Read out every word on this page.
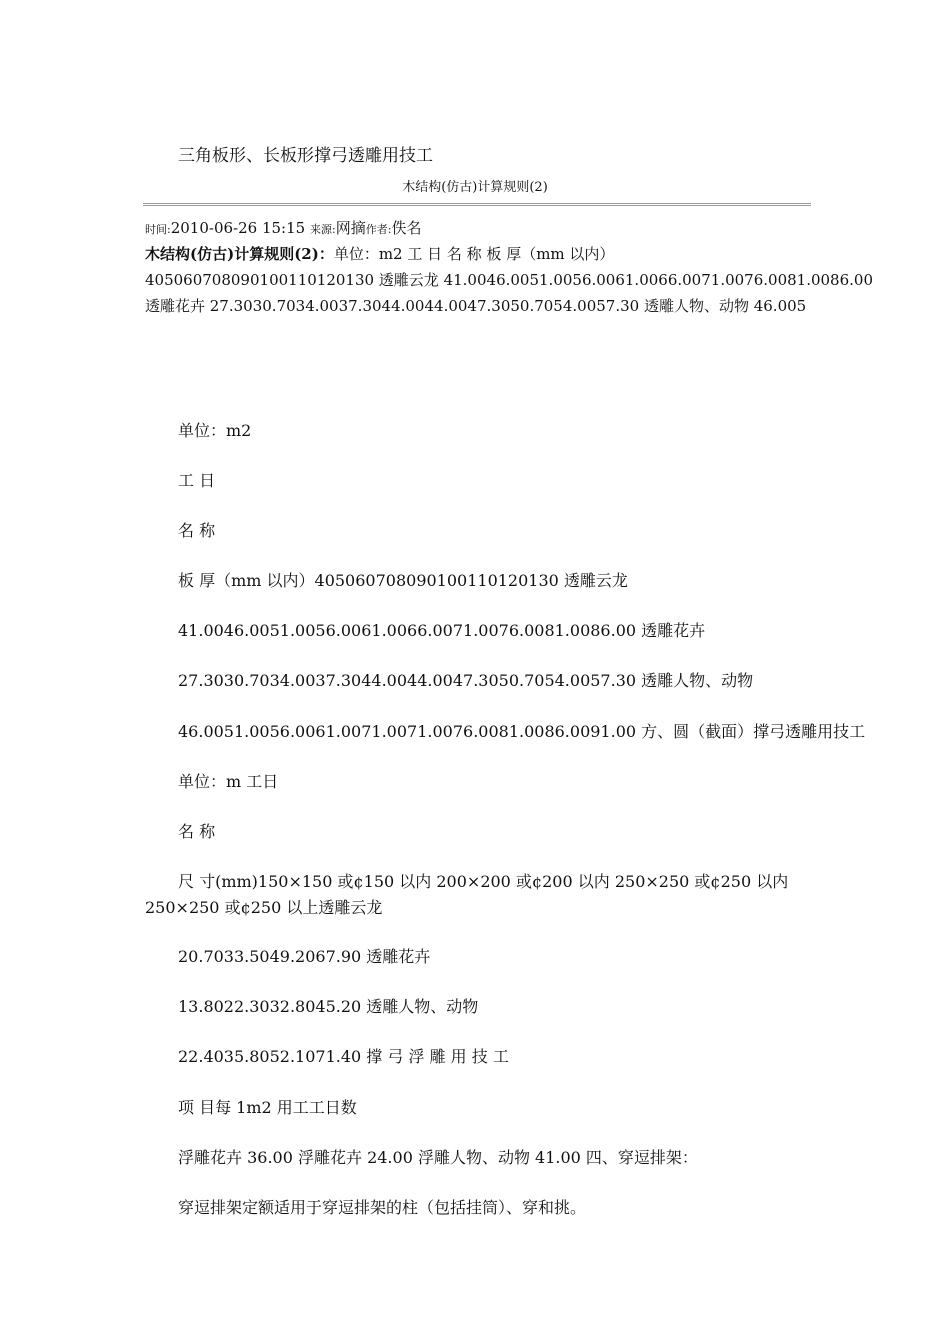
三角板形、长板形撑弓透雕用技工
木结构(仿古)计算规则(2)
时间:2010-06-26 15:15 来源:网摘作者:佚名
木结构(仿古)计算规则(2)：单位：m2 工 日 名 称 板 厚（mm 以内）
405060708090100110120130 透雕云龙 41.0046.0051.0056.0061.0066.0071.0076.0081.0086.00
透雕花卉 27.3030.7034.0037.3044.0044.0047.3050.7054.0057.30 透雕人物、动物 46.005
单位：m2
工 日
名 称
板 厚（mm 以内）405060708090100110120130 透雕云龙
41.0046.0051.0056.0061.0066.0071.0076.0081.0086.00 透雕花卉
27.3030.7034.0037.3044.0044.0047.3050.7054.0057.30 透雕人物、动物
46.0051.0056.0061.0071.0071.0076.0081.0086.0091.00 方、圆（截面）撑弓透雕用技工
单位：m 工日
名 称
尺 寸(mm)150×150 或¢150 以内 200×200 或¢200 以内 250×250 或¢250 以内 250×250 或¢250 以上透雕云龙
20.7033.5049.2067.90 透雕花卉
13.8022.3032.8045.20 透雕人物、动物
22.4035.8052.1071.40 撑 弓 浮 雕 用 技 工
项 目每 1m2 用工工日数
浮雕花卉 36.00 浮雕花卉 24.00 浮雕人物、动物 41.00 四、穿逗排架：
穿逗排架定额适用于穿逗排架的柱（包括挂筒）、穿和挑。
